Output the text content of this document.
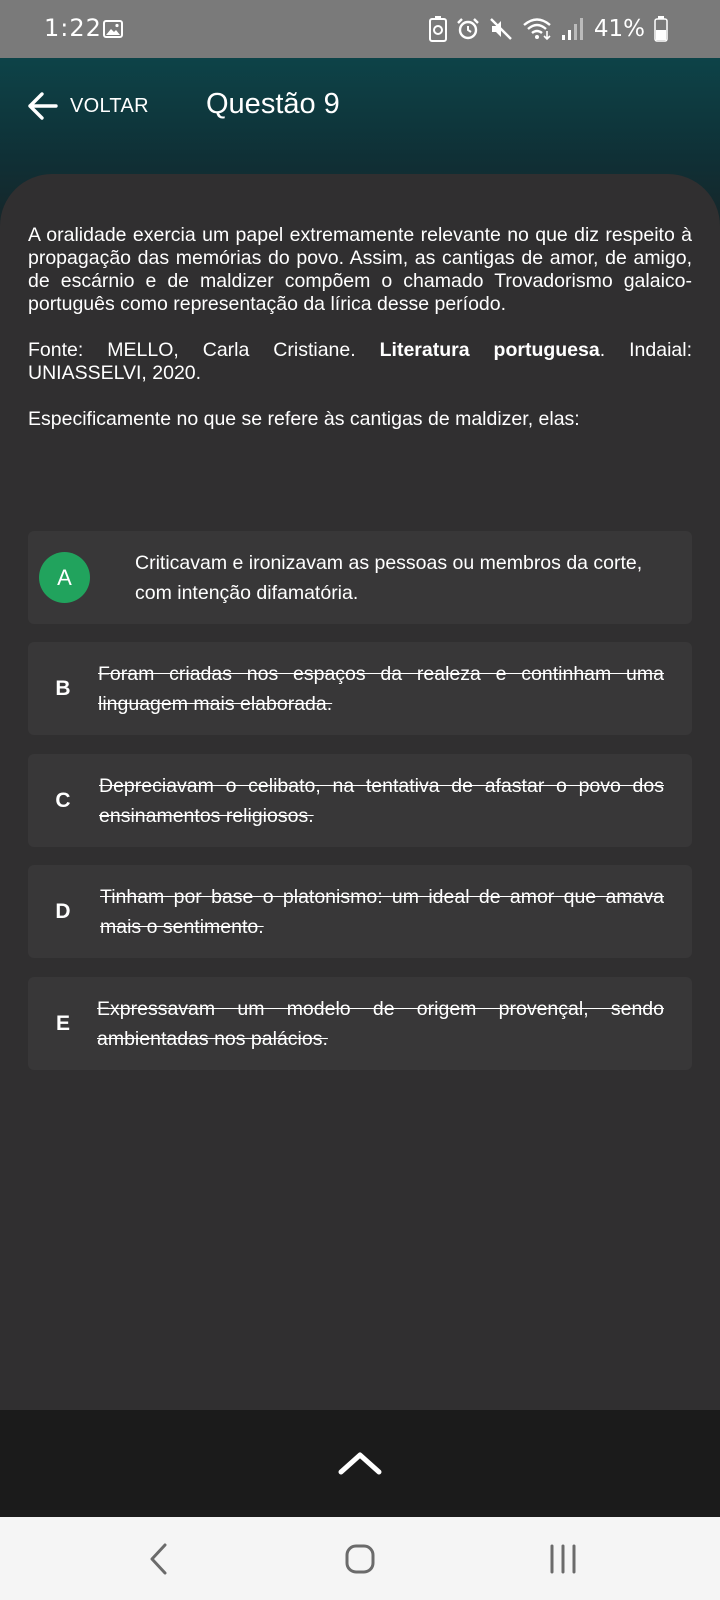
1:22	41%
VOLTAR Questão 9

A oralidade exercia um papel extremamente relevante no que diz respeito à propagação das memórias do povo. Assim, as cantigas de amor, de amigo, de escárnio e de maldizer compõem o chamado Trovadorismo galaico-português como representação da lírica desse período.

Fonte: MELLO, Carla Cristiane. Literatura portuguesa. Indaial: UNIASSELVI, 2020.

Especificamente no que se refere às cantigas de maldizer, elas:

A
Criticavam e ironizavam as pessoas ou membros da corte, com intenção difamatória.
B
Foram criadas nos espaços da realeza e continham uma linguagem mais elaborada.
C
Depreciavam o celibato, na tentativa de afastar o povo dos ensinamentos religiosos.
D
Tinham por base o platonismo: um ideal de amor que amava mais o sentimento.
E
Expressavam um modelo de origem provençal, sendo ambientadas nos palácios.
